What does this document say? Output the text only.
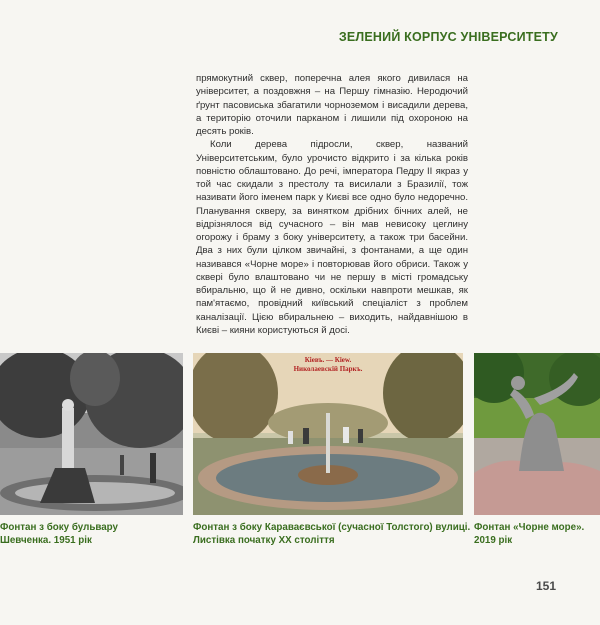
ЗЕЛЕНИЙ КОРПУС УНІВЕРСИТЕТУ

прямокутний сквер, поперечна алея якого дивилася на університет, а поздовжня – на Першу гімназію. Неродючий ґрунт пасовиська збагатили чорноземом і висадили дерева, а територію оточили парканом і лишили під охороною на десять років.

Коли дерева підросли, сквер, названий Університетським, було урочисто відкрито і за кілька років повністю облаштовано. До речі, імператора Педру II якраз у той час скидали з престолу та висилали з Бразилії, тож називати його іменем парк у Києві все одно було недоречно. Планування скверу, за винятком дрібних бічних алей, не відрізнялося від сучасного – він мав невисоку цеглину огорожу і браму з боку університету, а також три басейни. Два з них були цілком звичайні, з фонтанами, а ще один називався «Чорне море» і повторював його обриси. Також у сквері було влаштовано чи не першу в місті громадську вбиральню, що й не дивно, оскільки навпроти мешкав, як пам'ятаємо, провідний київський спеціаліст з проблем каналізації. Цією вбиральнею – виходить, найдавнішою в Києві – кияни користуються й досі.

Кіевъ. — Кiew.
Николаевскiй Паркъ.
Фонтан з боку бульвару
Шевченка. 1951 рік
Фонтан з боку Караваєвської (сучасної Толстого) вулиці.
Листівка початку ХХ століття
Фонтан «Чорне море».
2019 рік
151
